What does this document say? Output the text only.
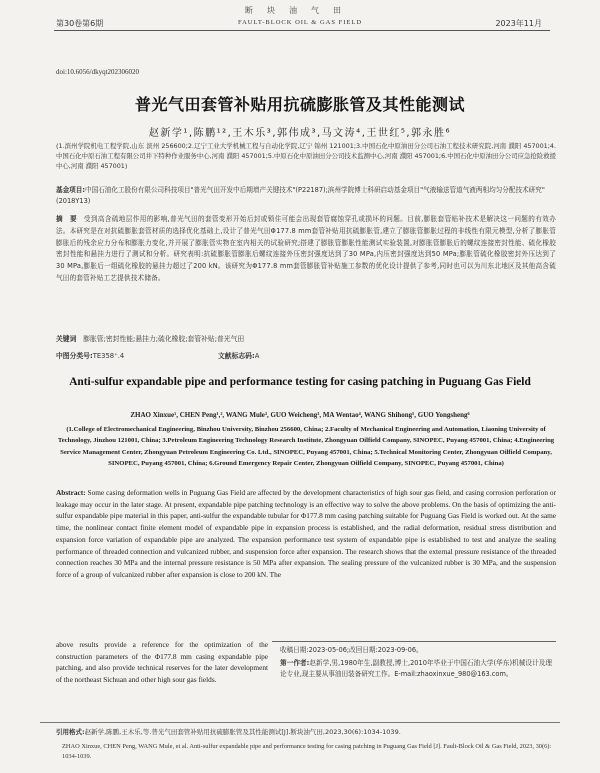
断块油气田

第30卷第6期	FAULT-BLOCK OIL & GAS FIELD	2023年11月

doi:10.6056/dkyqt202306020

普光气田套管补贴用抗硫膨胀管及其性能测试

赵新学¹,陈鹏¹²,王木乐³,郭伟成³,马文涛⁴,王世红⁵,郭永胜⁶

(1.滨州学院机电工程学院,山东 滨州 256600;2.辽宁工业大学机械工程与自动化学院,辽宁 锦州 121001;3.中国石化中原油田分公司石油工程技术研究院,河南 濮阳 457001;4.中国石化中原石油工程有限公司井下特种作业服务中心,河南 濮阳 457001;5.中原石化中原油田分公司技术监测中心,河南 濮阳 457001;6.中国石化中原油田分公司应急抢险救援中心,河南 濮阳 457001)

基金项目:中国石油化工股份有限公司科技项目"普光气田开发中后期增产关键技术"(P22187);滨州学院博士科研启动基金项目"气液输送管道气液两相均匀分配技术研究"(2018Y13)

摘　要　 受到高含硫地层作用的影响,普光气田的套管变形开始后封或锁住可能会出现套管腐蚀穿孔或损坏的问题。目前,膨胀套管贴补技术是解决这一问题的有效办法。本研究是在对抗硫膨胀套管材质的选择优化基础上,设计了普光气田Φ177.8 mm套管补贴用抗硫膨胀管,建立了膨胀管膨胀过程的非线性有限元模型,分析了膨胀管膨胀后的残余应力分布和膨胀力变化,并开展了膨胀管实物在室内相关的试验研究;搭建了膨胀管膨胀性能测试实验装置,对膨胀管膨胀后的螺纹连接密封性能、硫化橡胶密封性能和悬挂力进行了测试和分析。研究表明:抗硫膨胀管膨胀后螺纹连接外压密封强度达到了30 MPa,内压密封强度达到50 MPa;膨胀管硫化橡胶密封外压达到了30 MPa,膨胀后一组硫化橡胶的悬挂力超过了200 kN。该研究为Φ177.8 mm套管膨胀管补贴施工参数的优化设计提供了参考,同时也可以为川东北地区及其他高含硫气田的套管补贴工艺提供技术储备。

关键词　 膨胀管;密封性能;悬挂力;硫化橡胶;套管补贴;普光气田

中图分类号:TE358⁺.4	文献标志码:A

Anti-sulfur expandable pipe and performance testing for casing patching in Puguang Gas Field

ZHAO Xinxue¹, CHEN Peng¹,², WANG Mule³, GUO Weicheng³, MA Wentao⁴, WANG Shihong⁵, GUO Yongsheng⁶

(1.College of Electromechanical Engineering, Binzhou University, Binzhou 256600, China; 2.Faculty of Mechanical Engineering and Automation, Liaoning University of Technology, Jinzhou 121001, China; 3.Petroleum Engineering Technology Research Institute, Zhongyuan Oilfield Company, SINOPEC, Puyang 457001, China; 4.Engineering Service Management Center, Zhongyuan Petroleum Engineering Co. Ltd., SINOPEC, Puyang 457001, China; 5.Technical Monitoring Center, Zhongyuan Oilfield Company, SINOPEC, Puyang 457001, China; 6.Ground Emergency Repair Center, Zhongyuan Oilfield Company, SINOPEC, Puyang 457001, China)

Abstract: Some casing deformation wells in Puguang Gas Field are affected by the development characteristics of high sour gas field, and casing corrosion perforation or leakage may occur in the later stage. At present, expandable pipe patching technology is an effective way to solve the above problems. On the basis of optimizing the anti-sulfur expandable pipe material in this paper, anti-sulfur the expandable tubular for Φ177.8 mm casing patching suitable for Puguang Gas Field is worked out. At the same time, the nonlinear contact finite element model of expandable pipe in expansion process is established, and the radial deformation, residual stress distribution and expansion force variation of expandable pipe are analyzed. The expansion performance test system of expandable pipe is established to test and analyze the sealing performance of threaded connection and vulcanized rubber, and suspension force after expansion. The research shows that the external pressure resistance of the threaded connection reaches 30 MPa and the internal pressure resistance is 50 MPa after expansion. The sealing pressure of the vulcanized rubber is 30 MPa, and the suspension force of a group of vulcanized rubber after expansion is close to 200 kN. The

above results provide a reference for the optimization of the construction parameters of the Φ177.8 mm casing expandable pipe patching, and also provide technical reserves for the later development of the northeast Sichuan and other high sour gas fields.

收稿日期:2023-05-06;改回日期:2023-09-06。

第一作者:赵新学,男,1980年生,副教授,博士,2010年毕业于中国石油大学(华东)机械设计及理论专业,现主要从事油田装备研究工作。E-mail:zhaoxinxue_980@163.com。

引用格式:赵新学,陈鹏,王木乐,等.普光气田套管补贴用抗硫膨胀管及其性能测试[J].断块油气田,2023,30(6):1034-1039.

ZHAO Xinxue, CHEN Peng, WANG Mule, et al. Anti-sulfur expandable pipe and performance testing for casing patching in Puguang Gas Field [J]. Fault-Block Oil & Gas Field, 2023, 30(6): 1034-1039.
